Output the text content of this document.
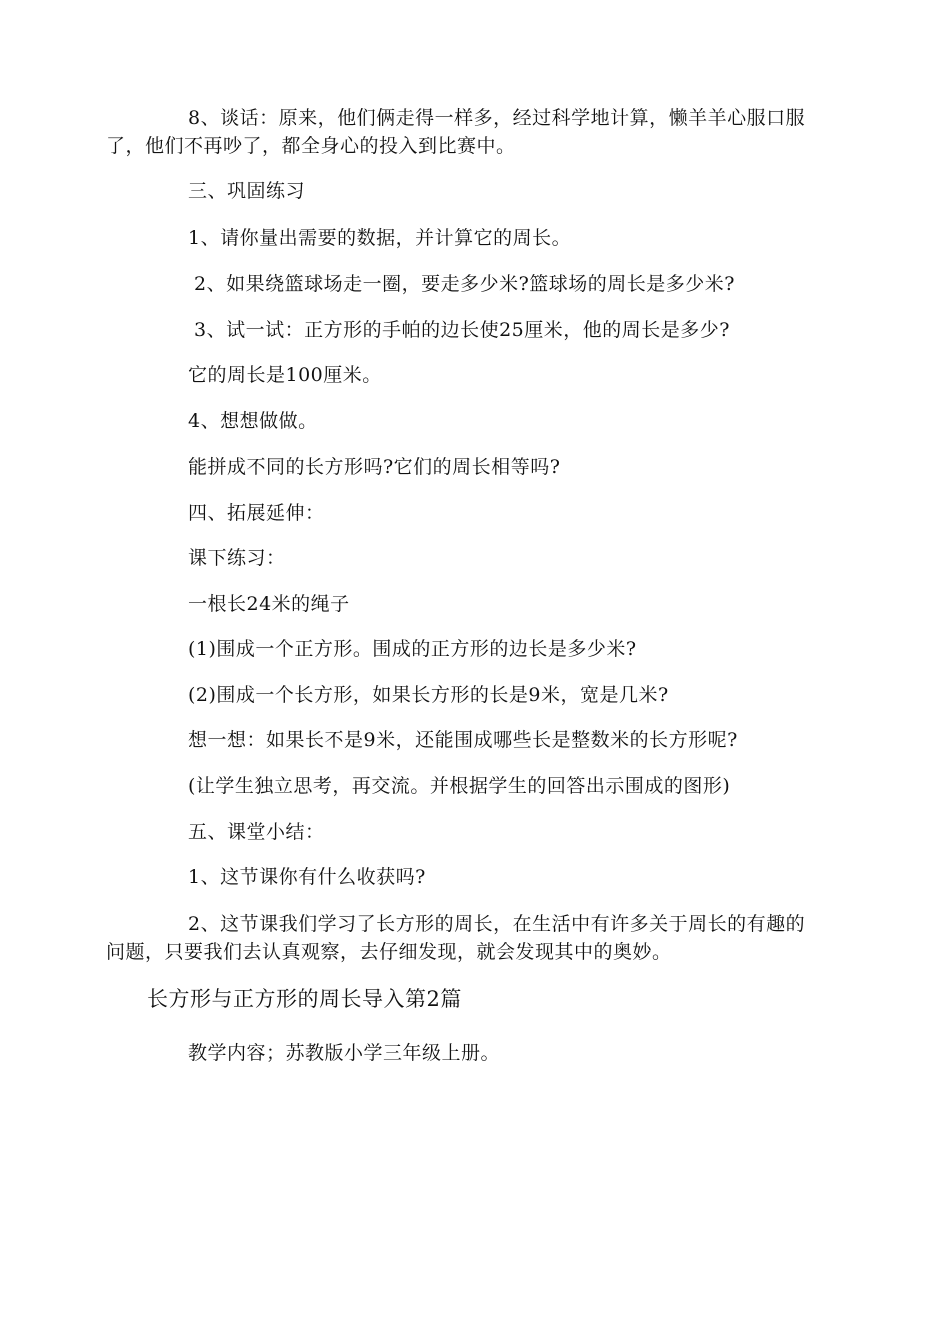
8、谈话：原来，他们俩走得一样多，经过科学地计算，懒羊羊心服口服
了，他们不再吵了，都全身心的投入到比赛中。
三、巩固练习
1、请你量出需要的数据，并计算它的周长。
2、如果绕篮球场走一圈，要走多少米?篮球场的周长是多少米?
3、试一试：正方形的手帕的边长使25厘米，他的周长是多少?
它的周长是100厘米。
4、想想做做。
能拼成不同的长方形吗?它们的周长相等吗?
四、拓展延伸：
课下练习：
一根长24米的绳子
(1)围成一个正方形。围成的正方形的边长是多少米?
(2)围成一个长方形，如果长方形的长是9米，宽是几米?
想一想：如果长不是9米，还能围成哪些长是整数米的长方形呢?
(让学生独立思考，再交流。并根据学生的回答出示围成的图形)
五、课堂小结：
1、这节课你有什么收获吗?
2、这节课我们学习了长方形的周长，在生活中有许多关于周长的有趣的
问题，只要我们去认真观察，去仔细发现，就会发现其中的奥妙。
长方形与正方形的周长导入第2篇
教学内容；苏教版小学三年级上册。
